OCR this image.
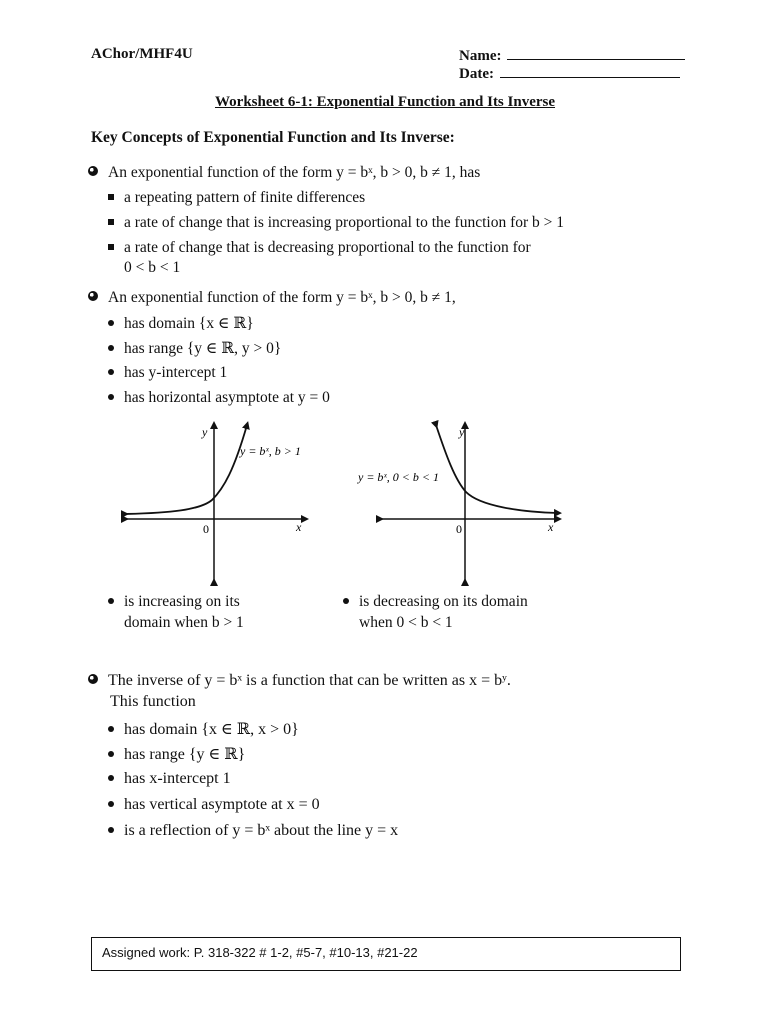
AChor/MHF4U	Name:
Date:
Worksheet 6-1: Exponential Function and Its Inverse
Key Concepts of Exponential Function and Its Inverse:
An exponential function of the form y = bˣ, b > 0, b ≠ 1, has
a repeating pattern of finite differences
a rate of change that is increasing proportional to the function for b > 1
a rate of change that is decreasing proportional to the function for
0 < b < 1
An exponential function of the form y = bˣ, b > 0, b ≠ 1,
has domain {x ∈ ℝ}
has range {y ∈ ℝ, y > 0}
has y-intercept 1
has horizontal asymptote at y = 0
y
x
0
y = bˣ, b > 1
y
x
0
y = bˣ, 0 < b < 1
is increasing on its
domain when b > 1
is decreasing on its domain
when 0 < b < 1
The inverse of y = bˣ is a function that can be written as x = bʸ.
This function
has domain {x ∈ ℝ, x > 0}
has range {y ∈ ℝ}
has x-intercept 1
has vertical asymptote at x = 0
is a reflection of y = bˣ about the line y = x
Assigned work: P. 318-322 # 1-2, #5-7, #10-13, #21-22
